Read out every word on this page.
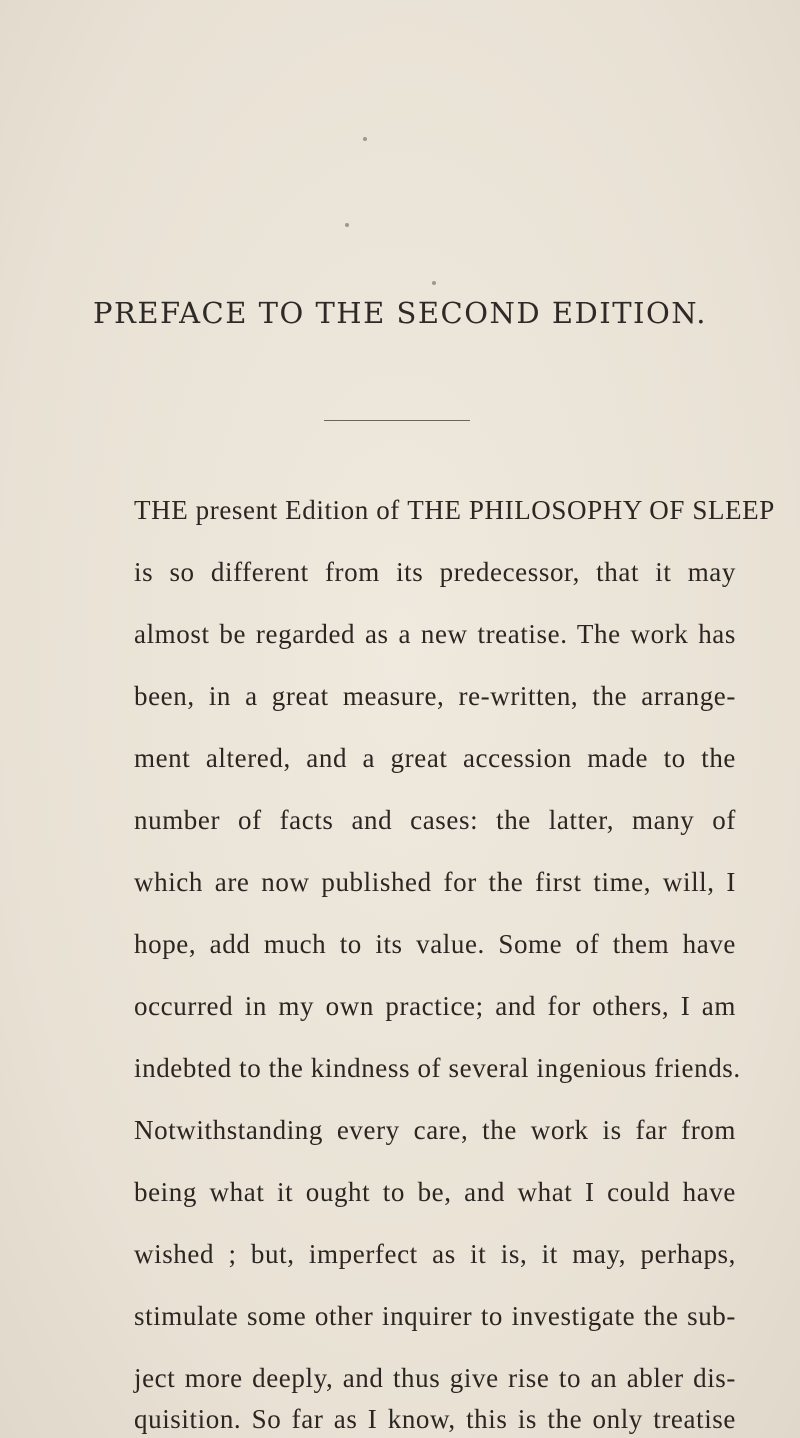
PREFACE TO THE SECOND EDITION.
THE present Edition of THE PHILOSOPHY OF SLEEP
is so different from its predecessor, that it may
almost be regarded as a new treatise. The work has
been, in a great measure, re-written, the arrange-
ment altered, and a great accession made to the
number of facts and cases: the latter, many of
which are now published for the first time, will, I
hope, add much to its value. Some of them have
occurred in my own practice; and for others, I am
indebted to the kindness of several ingenious friends.
Notwithstanding every care, the work is far from
being what it ought to be, and what I could have
wished ; but, imperfect as it is, it may, perhaps,
stimulate some other inquirer to investigate the sub-
ject more deeply, and thus give rise to an abler dis-
quisition. So far as I know, this is the only treatise
